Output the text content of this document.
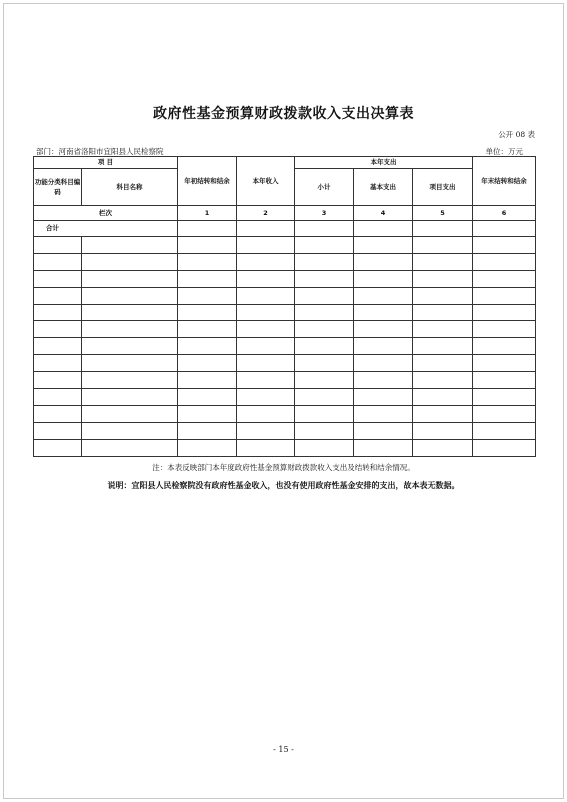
政府性基金预算财政拨款收入支出决算表
公开 08 表
部门：河南省洛阳市宜阳县人民检察院	单位：万元
项 目		年初结转和结余	本年收入	本年支出			年末结转和结余
功能分类科目编码	科目名称			小计	基本支出	项目支出	
栏次		1	2	3	4	5	6
合计							

注：本表反映部门本年度政府性基金预算财政拨款收入支出及结转和结余情况。
说明：宜阳县人民检察院没有政府性基金收入，也没有使用政府性基金安排的支出，故本表无数据。
- 15 -
